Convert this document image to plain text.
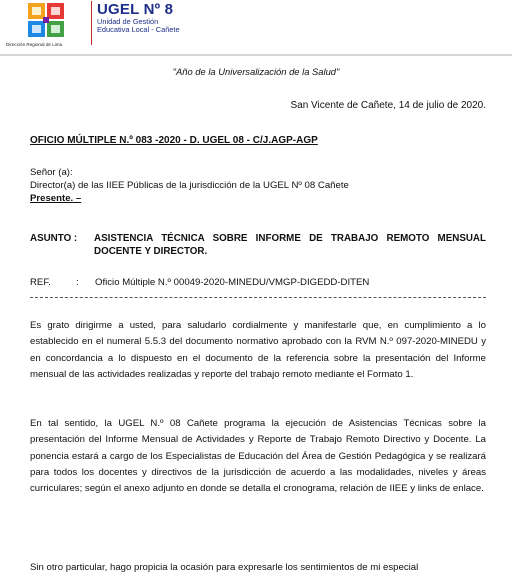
Dirección Regional de Lima
UGEL Nº 8
Unidad de Gestión
Educativa Local - Cañete
"Año de la Universalización de la Salud"
San Vicente de Cañete, 14 de julio de 2020.
OFICIO MÚLTIPLE N.º 083 -2020 - D. UGEL 08 - C/J.AGP-AGP
Señor (a):
Director(a) de las IIEE Públicas de la jurisdicción de la UGEL Nº 08 Cañete
Presente. –
ASUNTO :	ASISTENCIA TÉCNICA SOBRE INFORME DE TRABAJO REMOTO MENSUAL DOCENTE Y DIRECTOR.
REF.	: Oficio Múltiple N.º 00049-2020-MINEDU/VMGP-DIGEDD-DITEN
Es grato dirigirme a usted, para saludarlo cordialmente y manifestarle que, en cumplimiento a lo establecido en el numeral 5.5.3 del documento normativo aprobado con la RVM N.º 097-2020-MINEDU y en concordancia a lo dispuesto en el documento de la referencia sobre la presentación del Informe mensual de las actividades realizadas y reporte del trabajo remoto mediante el Formato 1.
En tal sentido, la UGEL N.º 08 Cañete programa la ejecución de Asistencias Técnicas sobre la presentación del Informe Mensual de Actividades y Reporte de Trabajo Remoto Directivo y Docente. La ponencia estará a cargo de los Especialistas de Educación del Área de Gestión Pedagógica y se realizará para todos los docentes y directivos de la jurisdicción de acuerdo a las modalidades, niveles y áreas curriculares; según el anexo adjunto en donde se detalla el cronograma, relación de IIEE y links de enlace.
Sin otro particular, hago propicia la ocasión para expresarle los sentimientos de mi especial
